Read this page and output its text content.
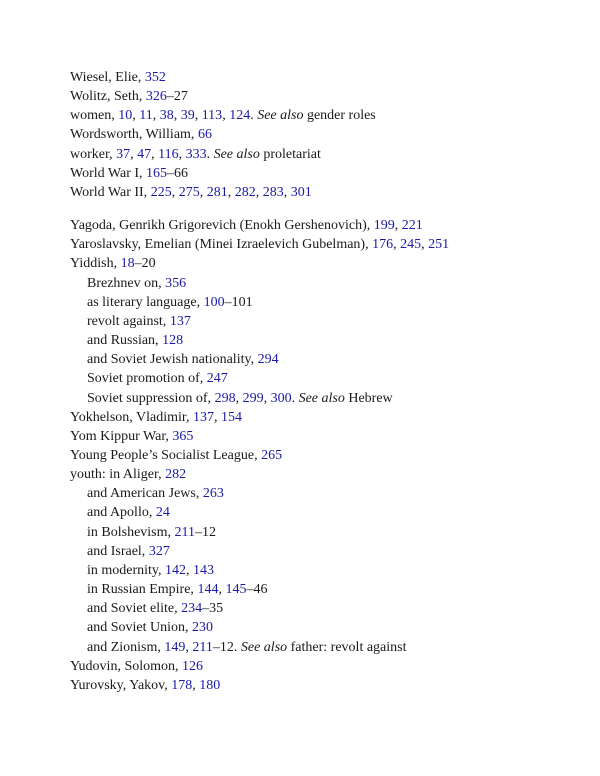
Wiesel, Elie, 352
Wolitz, Seth, 326–27
women, 10, 11, 38, 39, 113, 124. See also gender roles
Wordsworth, William, 66
worker, 37, 47, 116, 333. See also proletariat
World War I, 165–66
World War II, 225, 275, 281, 282, 283, 301
Yagoda, Genrikh Grigorevich (Enokh Gershenovich), 199, 221
Yaroslavsky, Emelian (Minei Izraelevich Gubelman), 176, 245, 251
Yiddish, 18–20
Brezhnev on, 356
as literary language, 100–101
revolt against, 137
and Russian, 128
and Soviet Jewish nationality, 294
Soviet promotion of, 247
Soviet suppression of, 298, 299, 300. See also Hebrew
Yokhelson, Vladimir, 137, 154
Yom Kippur War, 365
Young People’s Socialist League, 265
youth: in Aliger, 282
and American Jews, 263
and Apollo, 24
in Bolshevism, 211–12
and Israel, 327
in modernity, 142, 143
in Russian Empire, 144, 145–46
and Soviet elite, 234–35
and Soviet Union, 230
and Zionism, 149, 211–12. See also father: revolt against
Yudovin, Solomon, 126
Yurovsky, Yakov, 178, 180
